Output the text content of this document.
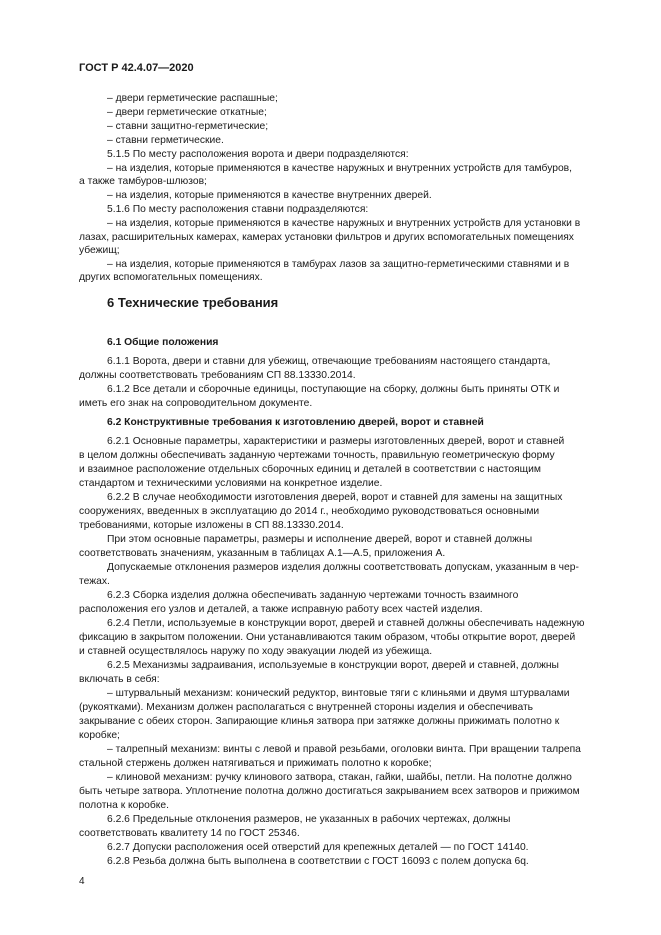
ГОСТ Р 42.4.07—2020
– двери герметические распашные;
– двери герметические откатные;
– ставни защитно-герметические;
– ставни герметические.
5.1.5 По месту расположения ворота и двери подразделяются:
– на изделия, которые применяются в качестве наружных и внутренних устройств для тамбуров,
а также тамбуров-шлюзов;
– на изделия, которые применяются в качестве внутренних дверей.
5.1.6 По месту расположения ставни подразделяются:
– на изделия, которые применяются в качестве наружных и внутренних устройств для установки в
лазах, расширительных камерах, камерах установки фильтров и других вспомогательных помещениях
убежищ;
– на изделия, которые применяются в тамбурах лазов за защитно-герметическими ставнями и в
других вспомогательных помещениях.
6 Технические требования
6.1 Общие положения
6.1.1 Ворота, двери и ставни для убежищ, отвечающие требованиям настоящего стандарта,
должны соответствовать требованиям СП 88.13330.2014.
6.1.2 Все детали и сборочные единицы, поступающие на сборку, должны быть приняты ОТК и
иметь его знак на сопроводительном документе.
6.2 Конструктивные требования к изготовлению дверей, ворот и ставней
6.2.1 Основные параметры, характеристики и размеры изготовленных дверей, ворот и ставней
в целом должны обеспечивать заданную чертежами точность, правильную геометрическую форму
и взаимное расположение отдельных сборочных единиц и деталей в соответствии с настоящим
стандартом и техническими условиями на конкретное изделие.
6.2.2 В случае необходимости изготовления дверей, ворот и ставней для замены на защитных
сооружениях, введенных в эксплуатацию до 2014 г., необходимо руководствоваться основными
требованиями, которые изложены в СП 88.13330.2014.
При этом основные параметры, размеры и исполнение дверей, ворот и ставней должны
соответствовать значениям, указанным в таблицах А.1—А.5, приложения А.
Допускаемые отклонения размеров изделия должны соответствовать допускам, указанным в чер-
тежах.
6.2.3 Сборка изделия должна обеспечивать заданную чертежами точность взаимного
расположения его узлов и деталей, а также исправную работу всех частей изделия.
6.2.4 Петли, используемые в конструкции ворот, дверей и ставней должны обеспечивать надежную
фиксацию в закрытом положении. Они устанавливаются таким образом, чтобы открытие ворот, дверей
и ставней осуществлялось наружу по ходу эвакуации людей из убежища.
6.2.5 Механизмы задраивания, используемые в конструкции ворот, дверей и ставней, должны
включать в себя:
– штурвальный механизм: конический редуктор, винтовые тяги с клиньями и двумя штурвалами
(рукоятками). Механизм должен располагаться с внутренней стороны изделия и обеспечивать
закрывание с обеих сторон. Запирающие клинья затвора при затяжке должны прижимать полотно к
коробке;
– талрепный механизм: винты с левой и правой резьбами, оголовки винта. При вращении талрепа
стальной стержень должен натягиваться и прижимать полотно к коробке;
– клиновой механизм: ручку клинового затвора, стакан, гайки, шайбы, петли. На полотне должно
быть четыре затвора. Уплотнение полотна должно достигаться закрыванием всех затворов и прижимом
полотна к коробке.
6.2.6 Предельные отклонения размеров, не указанных в рабочих чертежах, должны
соответствовать квалитету 14 по ГОСТ 25346.
6.2.7 Допуски расположения осей отверстий для крепежных деталей — по ГОСТ 14140.
6.2.8 Резьба должна быть выполнена в соответствии с ГОСТ 16093 с полем допуска 6q.
4
